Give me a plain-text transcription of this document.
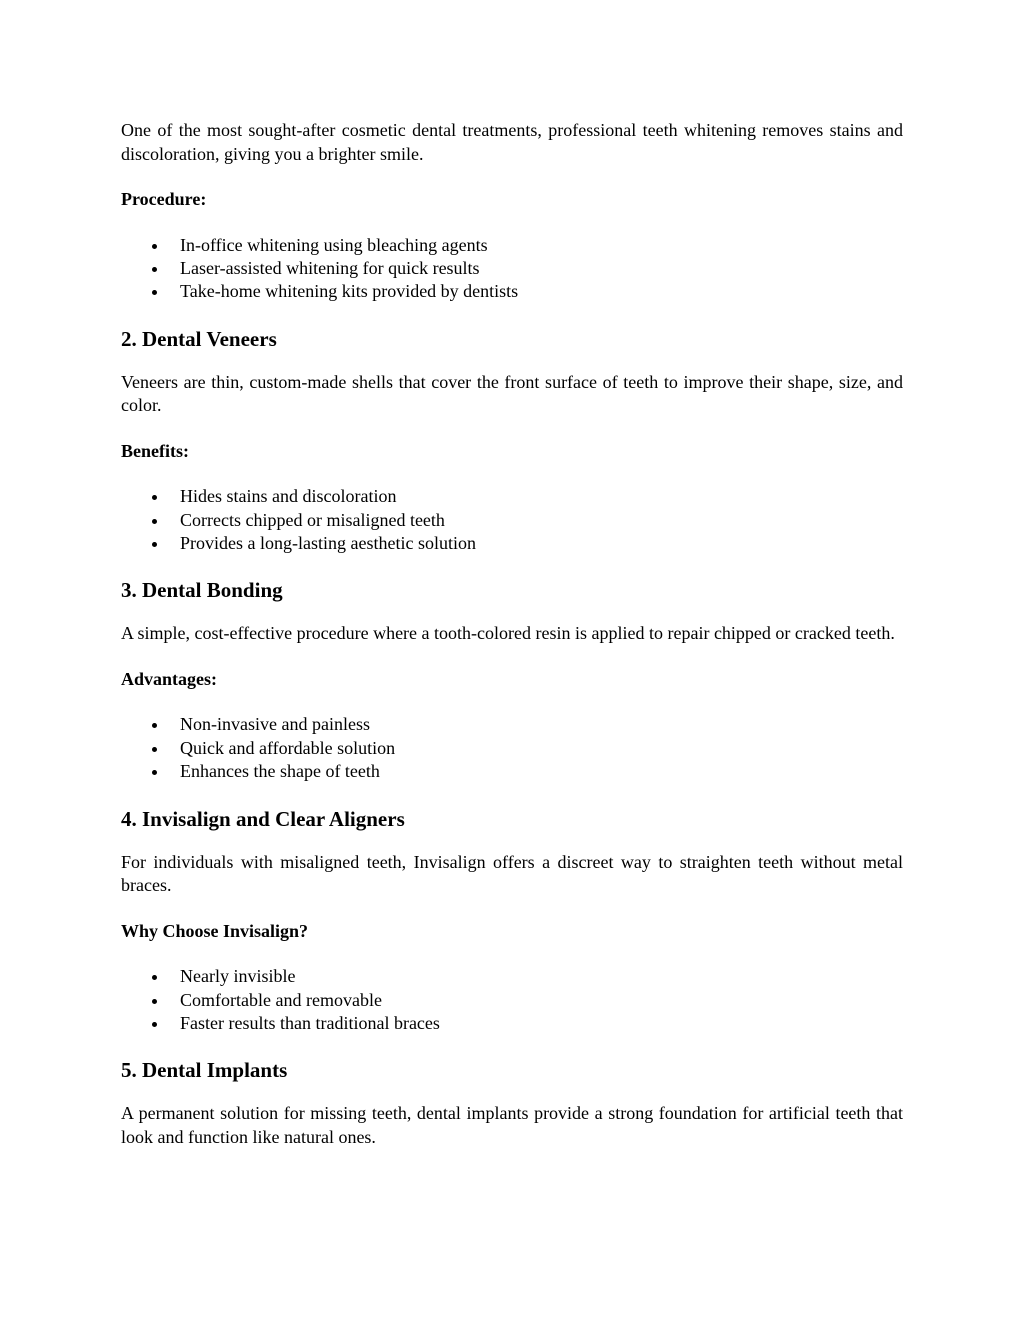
One of the most sought-after cosmetic dental treatments, professional teeth whitening removes stains and discoloration, giving you a brighter smile.

Procedure:

In-office whitening using bleaching agents
Laser-assisted whitening for quick results
Take-home whitening kits provided by dentists
2. Dental Veneers

Veneers are thin, custom-made shells that cover the front surface of teeth to improve their shape, size, and color.

Benefits:

Hides stains and discoloration
Corrects chipped or misaligned teeth
Provides a long-lasting aesthetic solution
3. Dental Bonding

A simple, cost-effective procedure where a tooth-colored resin is applied to repair chipped or cracked teeth.

Advantages:

Non-invasive and painless
Quick and affordable solution
Enhances the shape of teeth
4. Invisalign and Clear Aligners

For individuals with misaligned teeth, Invisalign offers a discreet way to straighten teeth without metal braces.

Why Choose Invisalign?

Nearly invisible
Comfortable and removable
Faster results than traditional braces
5. Dental Implants

A permanent solution for missing teeth, dental implants provide a strong foundation for artificial teeth that look and function like natural ones.
